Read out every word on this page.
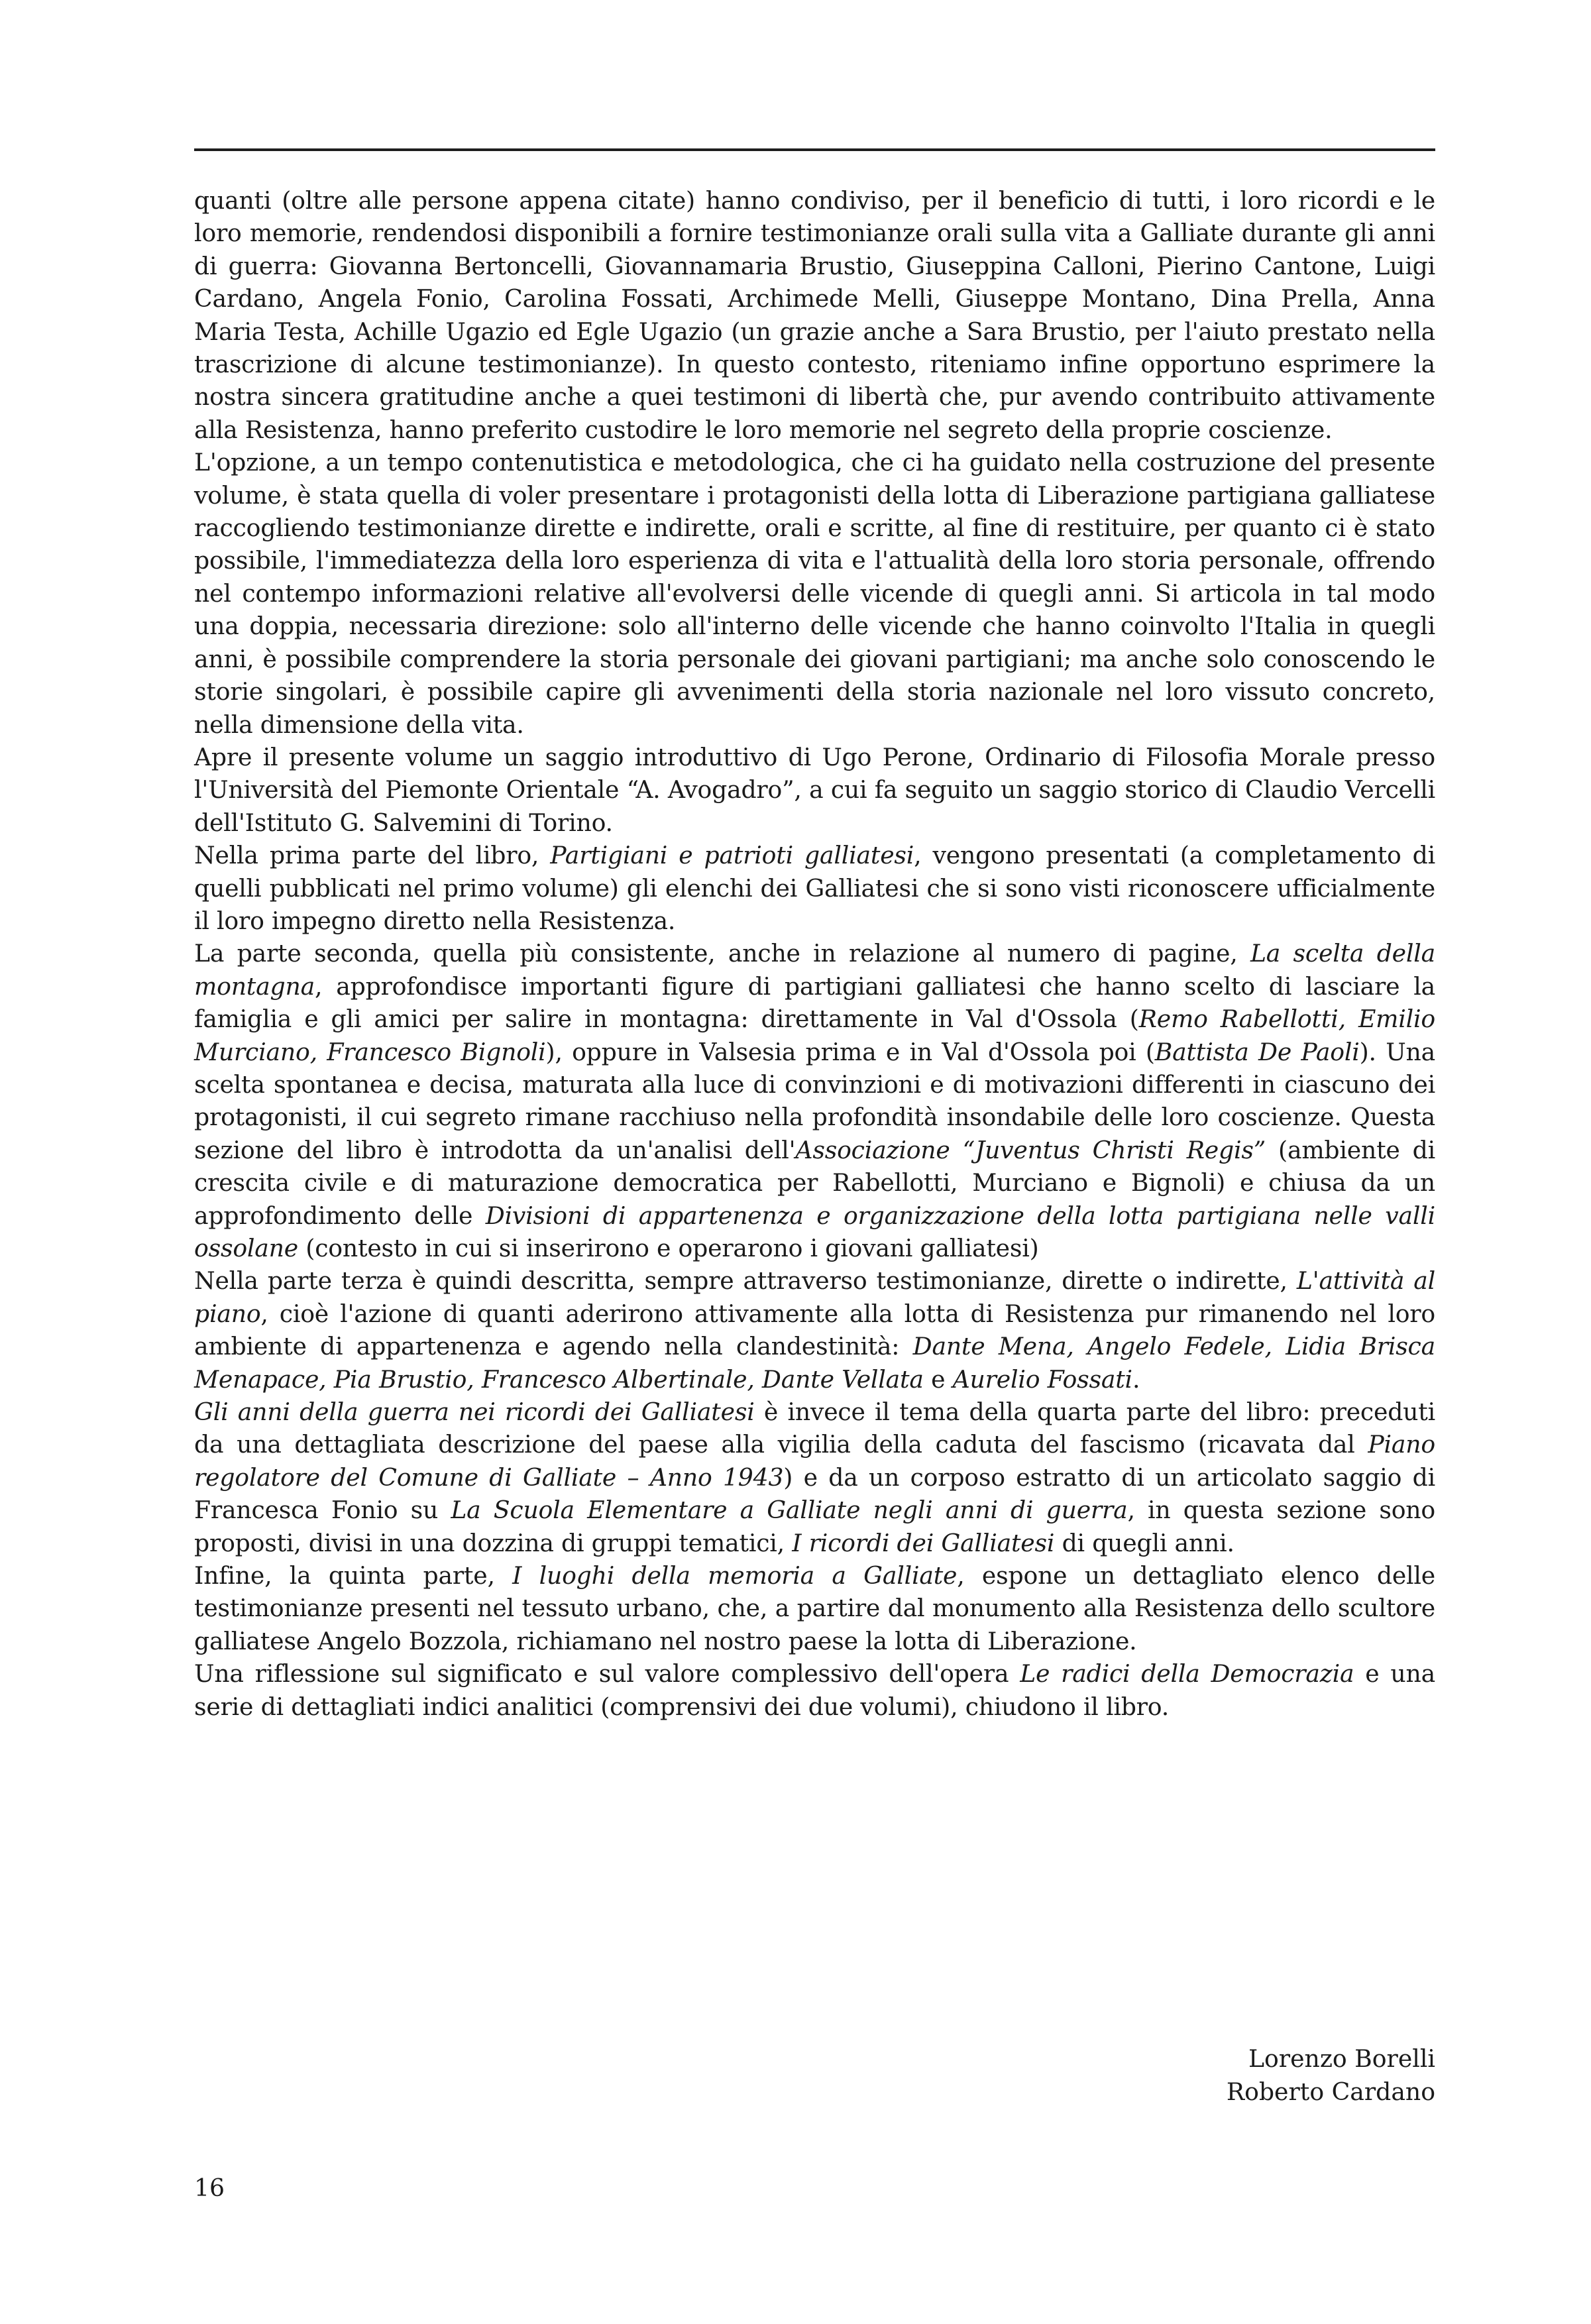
quanti (oltre alle persone appena citate) hanno condiviso, per il beneficio di tutti, i loro ricordi e le loro memorie, rendendosi disponibili a fornire testimonianze orali sulla vita a Galliate durante gli anni di guerra: Giovanna Bertoncelli, Giovannamaria Brustio, Giuseppina Calloni, Pierino Cantone, Luigi Cardano, Angela Fonio, Carolina Fossati, Archimede Melli, Giuseppe Montano, Dina Prella, Anna Maria Testa, Achille Ugazio ed Egle Ugazio (un grazie anche a Sara Brustio, per l'aiuto prestato nella trascrizione di alcune testimonianze). In questo contesto, riteniamo infine opportuno esprimere la nostra sincera gratitudine anche a quei testimoni di libertà che, pur avendo contribuito attivamente alla Resistenza, hanno preferito custodire le loro memorie nel segreto della proprie coscienze.

L'opzione, a un tempo contenutistica e metodologica, che ci ha guidato nella costruzione del presente volume, è stata quella di voler presentare i protagonisti della lotta di Liberazione partigiana galliatese raccogliendo testimonianze dirette e indirette, orali e scritte, al fine di restituire, per quanto ci è stato possibile, l'immediatezza della loro esperienza di vita e l'attualità della loro storia personale, offrendo nel contempo informazioni relative all'evolversi delle vicende di quegli anni. Si articola in tal modo una doppia, necessaria direzione: solo all'interno delle vicende che hanno coinvolto l'Italia in quegli anni, è possibile comprendere la storia personale dei giovani partigiani; ma anche solo conoscendo le storie singolari, è possibile capire gli avvenimenti della storia nazionale nel loro vissuto concreto, nella dimensione della vita.

Apre il presente volume un saggio introduttivo di Ugo Perone, Ordinario di Filosofia Morale presso l'Università del Piemonte Orientale “A. Avogadro”, a cui fa seguito un saggio storico di Claudio Vercelli dell'Istituto G. Salvemini di Torino.

Nella prima parte del libro, Partigiani e patrioti galliatesi, vengono presentati (a completamento di quelli pubblicati nel primo volume) gli elenchi dei Galliatesi che si sono visti riconoscere ufficialmente il loro impegno diretto nella Resistenza.

La parte seconda, quella più consistente, anche in relazione al numero di pagine, La scelta della montagna, approfondisce importanti figure di partigiani galliatesi che hanno scelto di lasciare la famiglia e gli amici per salire in montagna: direttamente in Val d'Ossola (Remo Rabellotti, Emilio Murciano, Francesco Bignoli), oppure in Valsesia prima e in Val d'Ossola poi (Battista De Paoli). Una scelta spontanea e decisa, maturata alla luce di convinzioni e di motivazioni differenti in ciascuno dei protagonisti, il cui segreto rimane racchiuso nella profondità insondabile delle loro coscienze. Questa sezione del libro è introdotta da un'analisi dell'Associazione “Juventus Christi Regis” (ambiente di crescita civile e di maturazione democratica per Rabellotti, Murciano e Bignoli) e chiusa da un approfondimento delle Divisioni di appartenenza e organizzazione della lotta partigiana nelle valli ossolane (contesto in cui si inserirono e operarono i giovani galliatesi)

Nella parte terza è quindi descritta, sempre attraverso testimonianze, dirette o indirette, L'attività al piano, cioè l'azione di quanti aderirono attivamente alla lotta di Resistenza pur rimanendo nel loro ambiente di appartenenza e agendo nella clandestinità: Dante Mena, Angelo Fedele, Lidia Brisca Menapace, Pia Brustio, Francesco Albertinale, Dante Vellata e Aurelio Fossati.

Gli anni della guerra nei ricordi dei Galliatesi è invece il tema della quarta parte del libro: preceduti da una dettagliata descrizione del paese alla vigilia della caduta del fascismo (ricavata dal Piano regolatore del Comune di Galliate – Anno 1943) e da un corposo estratto di un articolato saggio di Francesca Fonio su La Scuola Elementare a Galliate negli anni di guerra, in questa sezione sono proposti, divisi in una dozzina di gruppi tematici, I ricordi dei Galliatesi di quegli anni.

Infine, la quinta parte, I luoghi della memoria a Galliate, espone un dettagliato elenco delle testimonianze presenti nel tessuto urbano, che, a partire dal monumento alla Resistenza dello scultore galliatese Angelo Bozzola, richiamano nel nostro paese la lotta di Liberazione.

Una riflessione sul significato e sul valore complessivo dell'opera Le radici della Democrazia e una serie di dettagliati indici analitici (comprensivi dei due volumi), chiudono il libro.

Lorenzo Borelli
Roberto Cardano
16
